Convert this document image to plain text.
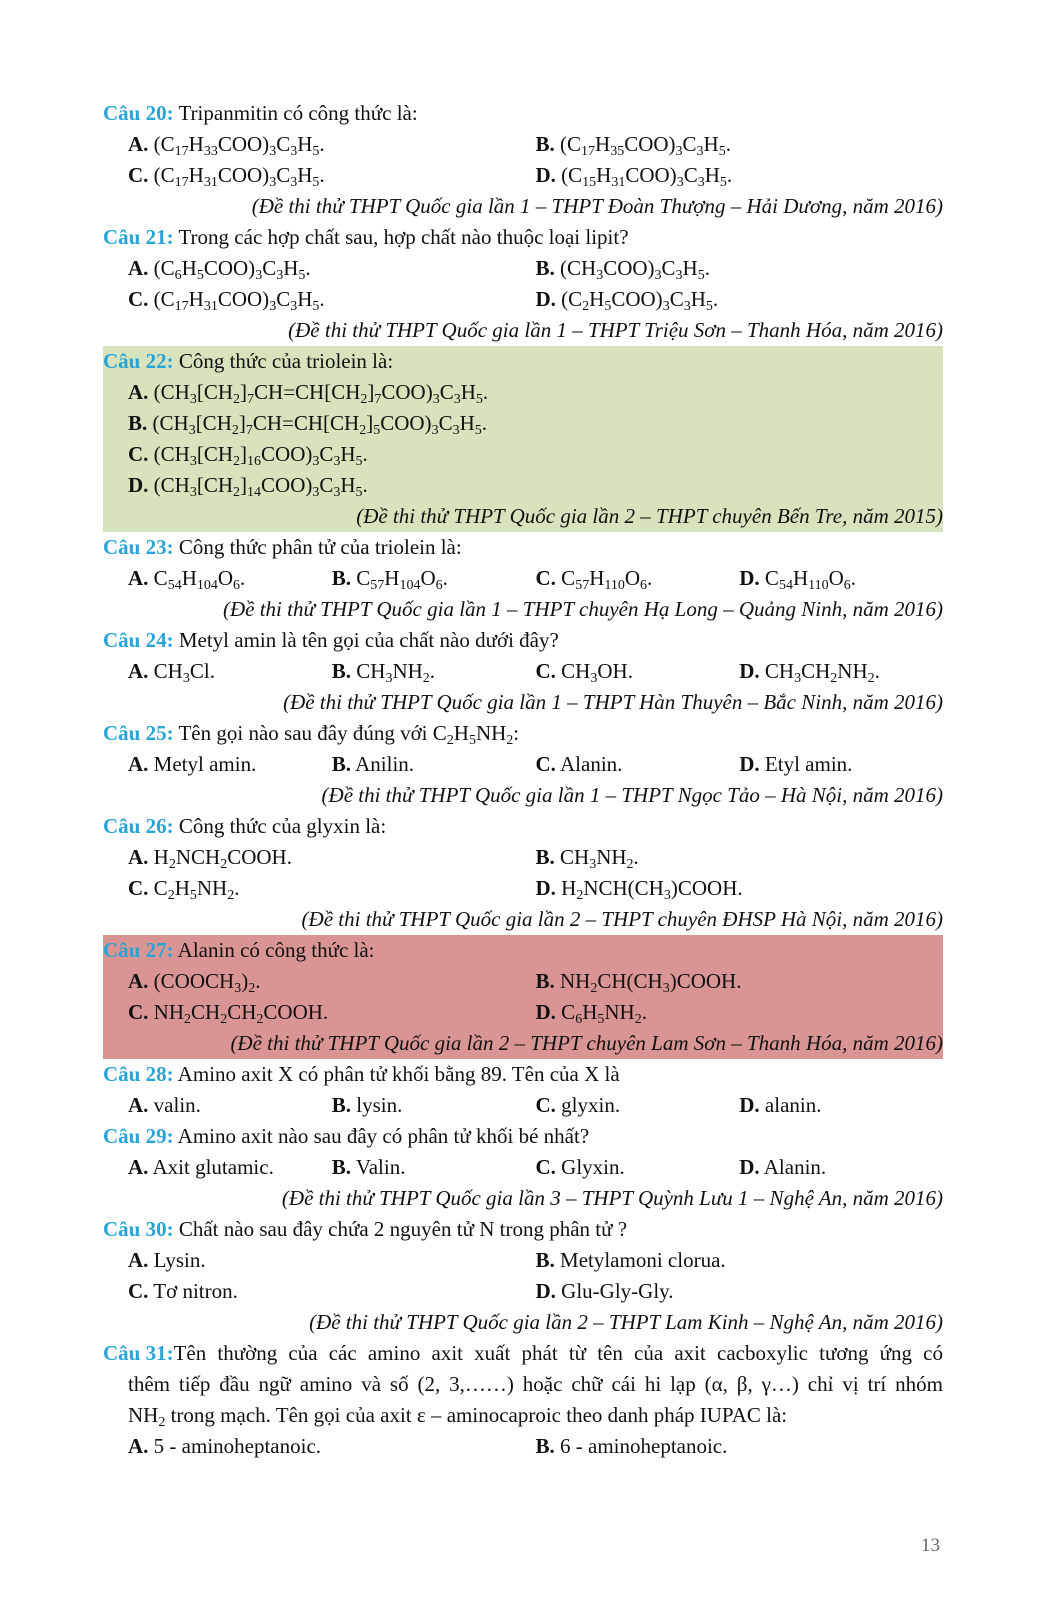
Câu 20: Tripanmitin có công thức là:
A. $(C_{17}H_{33}COO)_3C_3H_5$.	B. $(C_{17}H_{35}COO)_3C_3H_5$.
C. $(C_{17}H_{31}COO)_3C_3H_5$.	D. $(C_{15}H_{31}COO)_3C_3H_5$.
(Đề thi thử THPT Quốc gia lần 1 – THPT Đoàn Thượng – Hải Dương, năm 2016)
Câu 21: Trong các hợp chất sau, hợp chất nào thuộc loại lipit?
A. $(C_6H_5COO)_3C_3H_5$.	B. $(CH_3COO)_3C_3H_5$.
C. $(C_{17}H_{31}COO)_3C_3H_5$.	D. $(C_2H_5COO)_3C_3H_5$.
(Đề thi thử THPT Quốc gia lần 1 – THPT Triệu Sơn – Thanh Hóa, năm 2016)
Câu 22: Công thức của triolein là:
A. $(CH_3[CH_2]_7CH=CH[CH_2]_7COO)_3C_3H_5$.
B. $(CH_3[CH_2]_7CH=CH[CH_2]_5COO)_3C_3H_5$.
C. $(CH_3[CH_2]_{16}COO)_3C_3H_5$.
D. $(CH_3[CH_2]_{14}COO)_3C_3H_5$.
(Đề thi thử THPT Quốc gia lần 2 – THPT chuyên Bến Tre, năm 2015)
Câu 23: Công thức phân tử của triolein là:
A. $C_{54}H_{104}O_6$.	B. $C_{57}H_{104}O_6$.	C. $C_{57}H_{110}O_6$.	D. $C_{54}H_{110}O_6$.
(Đề thi thử THPT Quốc gia lần 1 – THPT chuyên Hạ Long – Quảng Ninh, năm 2016)
Câu 24: Metyl amin là tên gọi của chất nào dưới đây?
A. $CH_3Cl$.	B. $CH_3NH_2$.	C. $CH_3OH$.	D. $CH_3CH_2NH_2$.
(Đề thi thử THPT Quốc gia lần 1 – THPT Hàn Thuyên – Bắc Ninh, năm 2016)
Câu 25: Tên gọi nào sau đây đúng với $C_2H_5NH_2$:
A. Metyl amin.	B. Anilin.	C. Alanin.	D. Etyl amin.
(Đề thi thử THPT Quốc gia lần 1 – THPT Ngọc Tảo – Hà Nội, năm 2016)
Câu 26: Công thức của glyxin là:
A. $H_2NCH_2COOH$.	B. $CH_3NH_2$.
C. $C_2H_5NH_2$.	D. $H_2NCH(CH_3)COOH$.
(Đề thi thử THPT Quốc gia lần 2 – THPT chuyên ĐHSP Hà Nội, năm 2016)
Câu 27: Alanin có công thức là:
A. $(COOCH_3)_2$.	B. $NH_2CH(CH_3)COOH$.
C. $NH_2CH_2CH_2COOH$.	D. $C_6H_5NH_2$.
(Đề thi thử THPT Quốc gia lần 2 – THPT chuyên Lam Sơn – Thanh Hóa, năm 2016)
Câu 28: Amino axit X có phân tử khối bằng 89. Tên của X là
A. valin.	B. lysin.	C. glyxin.	D. alanin.
Câu 29: Amino axit nào sau đây có phân tử khối bé nhất?
A. Axit glutamic.	B. Valin.	C. Glyxin.	D. Alanin.
(Đề thi thử THPT Quốc gia lần 3 – THPT Quỳnh Lưu 1 – Nghệ An, năm 2016)
Câu 30: Chất nào sau đây chứa 2 nguyên tử N trong phân tử ?
A. Lysin.	B. Metylamoni clorua.
C. Tơ nitron.	D. Glu-Gly-Gly.
(Đề thi thử THPT Quốc gia lần 2 – THPT Lam Kinh – Nghệ An, năm 2016)
Câu 31: Tên thường của các amino axit xuất phát từ tên của axit cacboxylic tương ứng có
thêm tiếp đầu ngữ amino và số (2, 3,……) hoặc chữ cái hi lạp (α, β, γ…) chỉ vị trí nhóm
$NH_2$ trong mạch. Tên gọi của axit ε – aminocaproic theo danh pháp IUPAC là:
A. 5 - aminoheptanoic.	B. 6 - aminoheptanoic.
13
